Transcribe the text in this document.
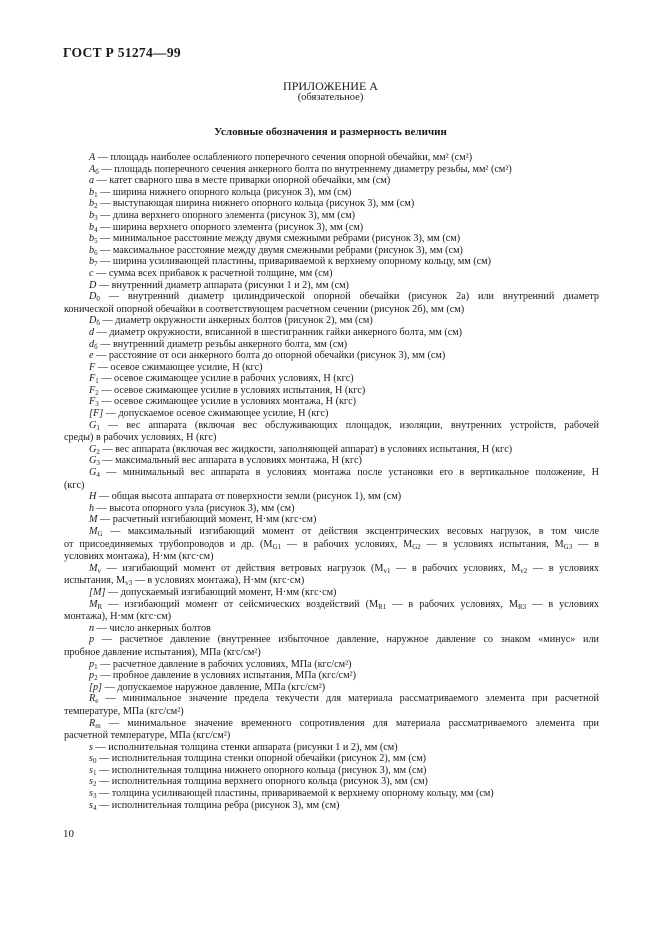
ГОСТ Р 51274—99
ПРИЛОЖЕНИЕ А
(обязательное)
Условные обозначения и размерность величин
A — площадь наиболее ослабленного поперечного сечения опорной обечайки, мм² (см²)
$A_б$ — площадь поперечного сечения анкерного болта по внутреннему диаметру резьбы, мм² (см²)
a — катет сварного шва в месте приварки опорной обечайки, мм (см)
$b_1$ — ширина нижнего опорного кольца (рисунок 3), мм (см)
$b_2$ — выступающая ширина нижнего опорного кольца (рисунок 3), мм (см)
$b_3$ — длина верхнего опорного элемента (рисунок 3), мм (см)
$b_4$ — ширина верхнего опорного элемента (рисунок 3), мм (см)
$b_5$ — минимальное расстояние между двумя смежными ребрами (рисунок 3), мм (см)
$b_6$ — максимальное расстояние между двумя смежными ребрами (рисунок 3), мм (см)
$b_7$ — ширина усиливающей пластины, привариваемой к верхнему опорному кольцу, мм (см)
c — сумма всех прибавок к расчетной толщине, мм (см)
D — внутренний диаметр аппарата (рисунки 1 и 2), мм (см)
$D_0$ — внутренний диаметр цилиндрической опорной обечайки (рисунок 2а) или внутренний диаметр
конической опорной обечайки в соответствующем расчетном сечении (рисунок 2б), мм (см)
$D_б$ — диаметр окружности анкерных болтов (рисунок 2), мм (см)
d — диаметр окружности, вписанной в шестигранник гайки анкерного болта, мм (см)
$d_б$ — внутренний диаметр резьбы анкерного болта, мм (см)
e — расстояние от оси анкерного болта до опорной обечайки (рисунок 3), мм (см)
F — осевое сжимающее усилие, Н (кгс)
$F_1$ — осевое сжимающее усилие в рабочих условиях, Н (кгс)
$F_2$ — осевое сжимающее усилие в условиях испытания, Н (кгс)
$F_3$ — осевое сжимающее усилие в условиях монтажа, Н (кгс)
[F] — допускаемое осевое сжимающее усилие, Н (кгс)
$G_1$ — вес аппарата (включая вес обслуживающих площадок, изоляции, внутренних устройств, рабочей
среды) в рабочих условиях, Н (кгс)
$G_2$ — вес аппарата (включая вес жидкости, заполняющей аппарат) в условиях испытания, Н (кгс)
$G_3$ — максимальный вес аппарата в условиях монтажа, Н (кгс)
$G_4$ — минимальный вес аппарата в условиях монтажа после установки его в вертикальное положение, Н
(кгс)
H — общая высота аппарата от поверхности земли (рисунок 1), мм (см)
h — высота опорного узла (рисунок 3), мм (см)
M — расчетный изгибающий момент, Н·мм (кгс·см)
$M_G$ — максимальный изгибающий момент от действия эксцентрических весовых нагрузок, в том числе
от присоединяемых трубопроводов и др. ($M_{G1}$ — в рабочих условиях, $M_{G2}$ — в условиях испытания, $M_{G3}$ — в
условиях монтажа), Н·мм (кгс·см)
$M_v$ — изгибающий момент от действия ветровых нагрузок ($M_{v1}$ — в рабочих условиях, $M_{v2}$ — в условиях
испытания, $M_{v3}$ — в условиях монтажа), Н·мм (кгс·см)
[M] — допускаемый изгибающий момент, Н·мм (кгс·см)
$M_R$ — изгибающий момент от сейсмических воздействий ($M_{R1}$ — в рабочих условиях, $M_{R3}$ — в условиях
монтажа), Н·мм (кгс·см)
n — число анкерных болтов
p — расчетное давление (внутреннее избыточное давление, наружное давление со знаком «минус» или
пробное давление испытания), МПа (кгс/см²)
$p_1$ — расчетное давление в рабочих условиях, МПа (кгс/см²)
$p_2$ — пробное давление в условиях испытания, МПа (кгс/см²)
[p] — допускаемое наружное давление, МПа (кгс/см²)
$R_e$ — минимальное значение предела текучести для материала рассматриваемого элемента при расчетной
температуре, МПа (кгс/см²)
$R_m$ — минимальное значение временного сопротивления для материала рассматриваемого элемента при
расчетной температуре, МПа (кгс/см²)
s — исполнительная толщина стенки аппарата (рисунки 1 и 2), мм (см)
$s_0$ — исполнительная толщина стенки опорной обечайки (рисунок 2), мм (см)
$s_1$ — исполнительная толщина нижнего опорного кольца (рисунок 3), мм (см)
$s_2$ — исполнительная толщина верхнего опорного кольца (рисунок 3), мм (см)
$s_3$ — толщина усиливающей пластины, привариваемой к верхнему опорному кольцу, мм (см)
$s_4$ — исполнительная толщина ребра (рисунок 3), мм (см)
10
